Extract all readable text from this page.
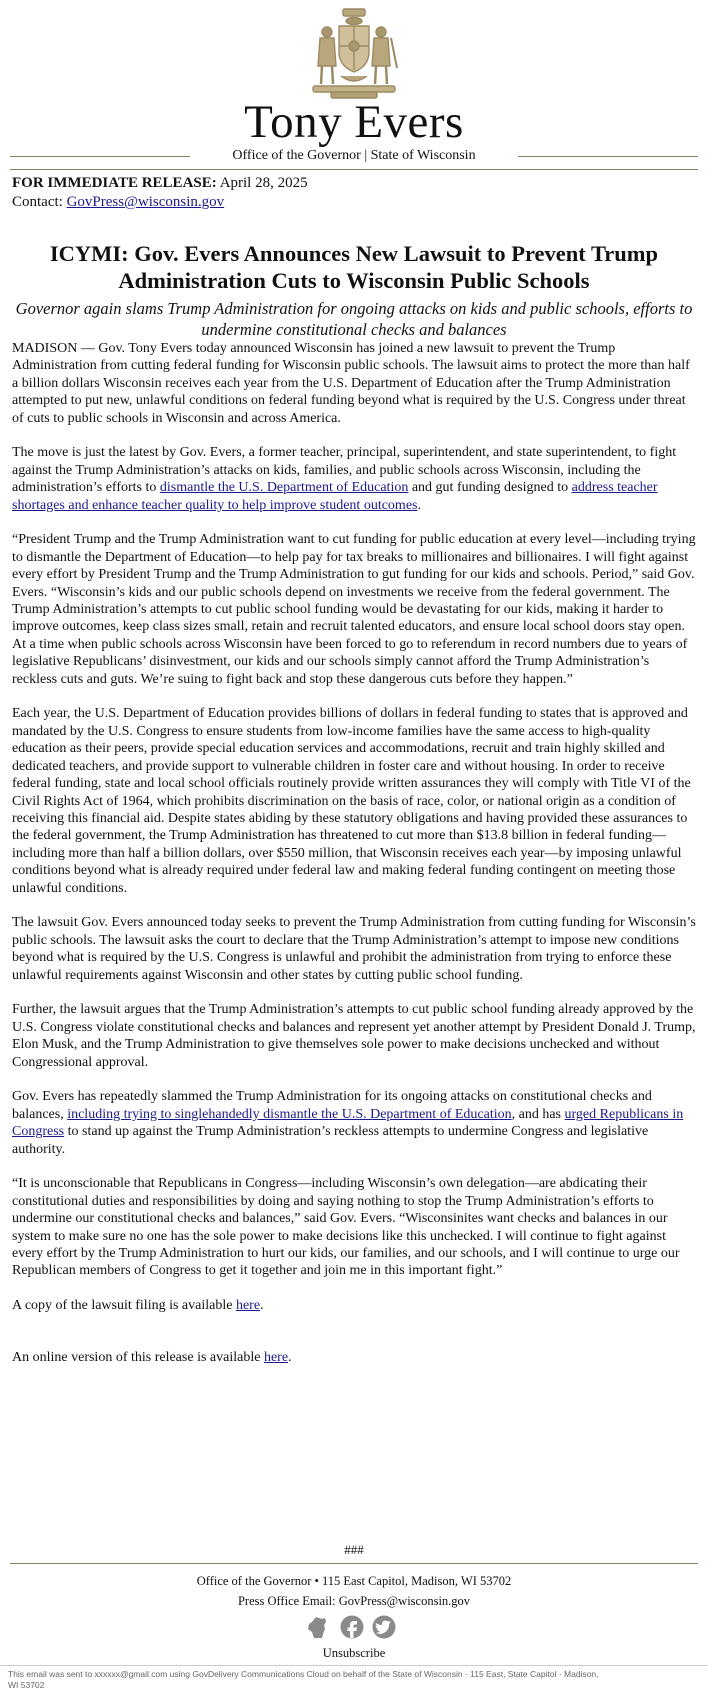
Tony Evers
Office of the Governor | State of Wisconsin

FOR IMMEDIATE RELEASE: April 28, 2025

Contact: GovPress@wisconsin.gov

ICYMI: Gov. Evers Announces New Lawsuit to Prevent Trump Administration Cuts to Wisconsin Public Schools

Governor again slams Trump Administration for ongoing attacks on kids and public schools, efforts to undermine constitutional checks and balances

MADISON — Gov. Tony Evers today announced Wisconsin has joined a new lawsuit to prevent the Trump Administration from cutting federal funding for Wisconsin public schools. The lawsuit aims to protect the more than half a billion dollars Wisconsin receives each year from the U.S. Department of Education after the Trump Administration attempted to put new, unlawful conditions on federal funding beyond what is required by the U.S. Congress under threat of cuts to public schools in Wisconsin and across America.

The move is just the latest by Gov. Evers, a former teacher, principal, superintendent, and state superintendent, to fight against the Trump Administration’s attacks on kids, families, and public schools across Wisconsin, including the administration’s efforts to dismantle the U.S. Department of Education and gut funding designed to address teacher shortages and enhance teacher quality to help improve student outcomes.

“President Trump and the Trump Administration want to cut funding for public education at every level—including trying to dismantle the Department of Education—to help pay for tax breaks to millionaires and billionaires. I will fight against every effort by President Trump and the Trump Administration to gut funding for our kids and schools. Period,” said Gov. Evers. “Wisconsin’s kids and our public schools depend on investments we receive from the federal government. The Trump Administration’s attempts to cut public school funding would be devastating for our kids, making it harder to improve outcomes, keep class sizes small, retain and recruit talented educators, and ensure local school doors stay open. At a time when public schools across Wisconsin have been forced to go to referendum in record numbers due to years of legislative Republicans’ disinvestment, our kids and our schools simply cannot afford the Trump Administration’s reckless cuts and guts. We’re suing to fight back and stop these dangerous cuts before they happen.”

Each year, the U.S. Department of Education provides billions of dollars in federal funding to states that is approved and mandated by the U.S. Congress to ensure students from low-income families have the same access to high-quality education as their peers, provide special education services and accommodations, recruit and train highly skilled and dedicated teachers, and provide support to vulnerable children in foster care and without housing. In order to receive federal funding, state and local school officials routinely provide written assurances they will comply with Title VI of the Civil Rights Act of 1964, which prohibits discrimination on the basis of race, color, or national origin as a condition of receiving this financial aid. Despite states abiding by these statutory obligations and having provided these assurances to the federal government, the Trump Administration has threatened to cut more than $13.8 billion in federal funding—including more than half a billion dollars, over $550 million, that Wisconsin receives each year—by imposing unlawful conditions beyond what is already required under federal law and making federal funding contingent on meeting those unlawful conditions.

The lawsuit Gov. Evers announced today seeks to prevent the Trump Administration from cutting funding for Wisconsin’s public schools. The lawsuit asks the court to declare that the Trump Administration’s attempt to impose new conditions beyond what is required by the U.S. Congress is unlawful and prohibit the administration from trying to enforce these unlawful requirements against Wisconsin and other states by cutting public school funding.

Further, the lawsuit argues that the Trump Administration’s attempts to cut public school funding already approved by the U.S. Congress violate constitutional checks and balances and represent yet another attempt by President Donald J. Trump, Elon Musk, and the Trump Administration to give themselves sole power to make decisions unchecked and without Congressional approval.

Gov. Evers has repeatedly slammed the Trump Administration for its ongoing attacks on constitutional checks and balances, including trying to singlehandedly dismantle the U.S. Department of Education, and has urged Republicans in Congress to stand up against the Trump Administration’s reckless attempts to undermine Congress and legislative authority.

“It is unconscionable that Republicans in Congress—including Wisconsin’s own delegation—are abdicating their constitutional duties and responsibilities by doing and saying nothing to stop the Trump Administration’s efforts to undermine our constitutional checks and balances,” said Gov. Evers. “Wisconsinites want checks and balances in our system to make sure no one has the sole power to make decisions like this unchecked. I will continue to fight against every effort by the Trump Administration to hurt our kids, our families, and our schools, and I will continue to urge our Republican members of Congress to get it together and join me in this important fight.”

A copy of the lawsuit filing is available here.

An online version of this release is available here.

###
Office of the Governor • 115 East Capitol, Madison, WI 53702
Press Office Email: GovPress@wisconsin.gov
Unsubscribe
This email was sent to xxxxxx@gmail.com using GovDelivery Communications Cloud on behalf of the State of Wisconsin · 115 East, State Capitol · Madison, WI 53702
